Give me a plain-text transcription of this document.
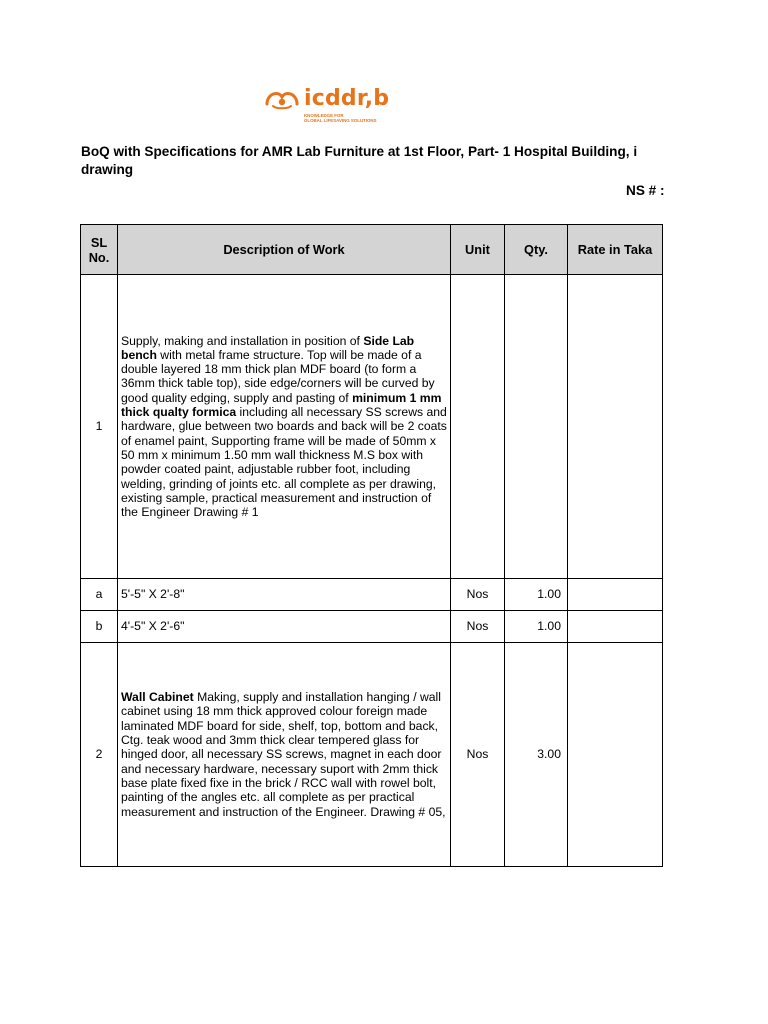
icddr,b
KNOWLEDGE FOR
GLOBAL LIFESAVING SOLUTIONS
BoQ with Specifications for AMR Lab Furniture at 1st Floor, Part- 1 Hospital Building, i
drawing
NS # :
SL No.	Description of Work	Unit	Qty.	Rate in Taka
1	Supply, making and installation in position of Side Lab bench with metal frame structure. Top will be made of a double layered 18 mm thick plan MDF board (to form a 36mm thick table top), side edge/corners will be curved by good quality edging, supply and pasting of minimum 1 mm thick qualty formica including all necessary SS screws and hardware, glue between two boards and back will be 2 coats of enamel paint, Supporting frame will be made of 50mm x 50 mm x minimum 1.50 mm wall thickness M.S box with powder coated paint, adjustable rubber foot, including welding, grinding of joints etc. all complete as per drawing, existing sample, practical measurement and instruction of the Engineer Drawing # 1			
a	5'-5" X 2'-8"	Nos	1.00	
b	4'-5" X 2'-6"	Nos	1.00	
2	Wall Cabinet Making, supply and installation hanging / wall cabinet using 18 mm thick approved colour foreign made laminated MDF board for side, shelf, top, bottom and back, Ctg. teak wood and 3mm thick clear tempered glass for hinged door, all necessary SS screws, magnet in each door and necessary hardware, necessary suport with 2mm thick base plate fixed fixe in the brick / RCC wall with rowel bolt, painting of the angles etc. all complete as per practical measurement and instruction of the Engineer. Drawing # 05,	Nos	3.00	
